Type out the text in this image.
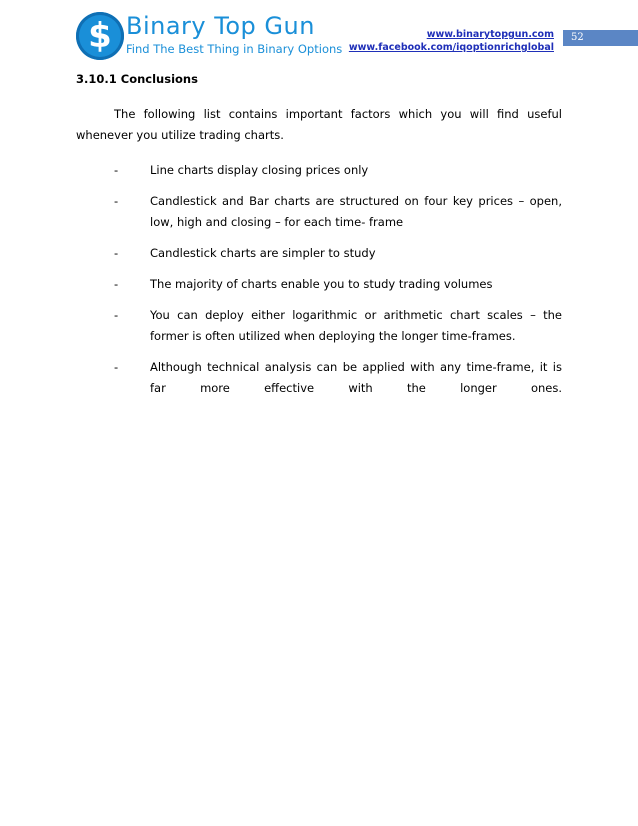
$ Binary Top Gun
Find The Best Thing in Binary Options
www.binarytopgun.com
www.facebook.com/iqoptionrichglobal
52
3.10.1 Conclusions

The following list contains important factors which you will find useful whenever you utilize trading charts.

-	Line charts display closing prices only
-	Candlestick and Bar charts are structured on four key prices – open, low, high and closing – for each time- frame
-	Candlestick charts are simpler to study
-	The majority of charts enable you to study trading volumes
-	You can deploy either logarithmic or arithmetic chart scales – the former is often utilized when deploying the longer time-frames.
-	Although technical analysis can be applied with any time-frame, it is far more effective with the longer ones.
